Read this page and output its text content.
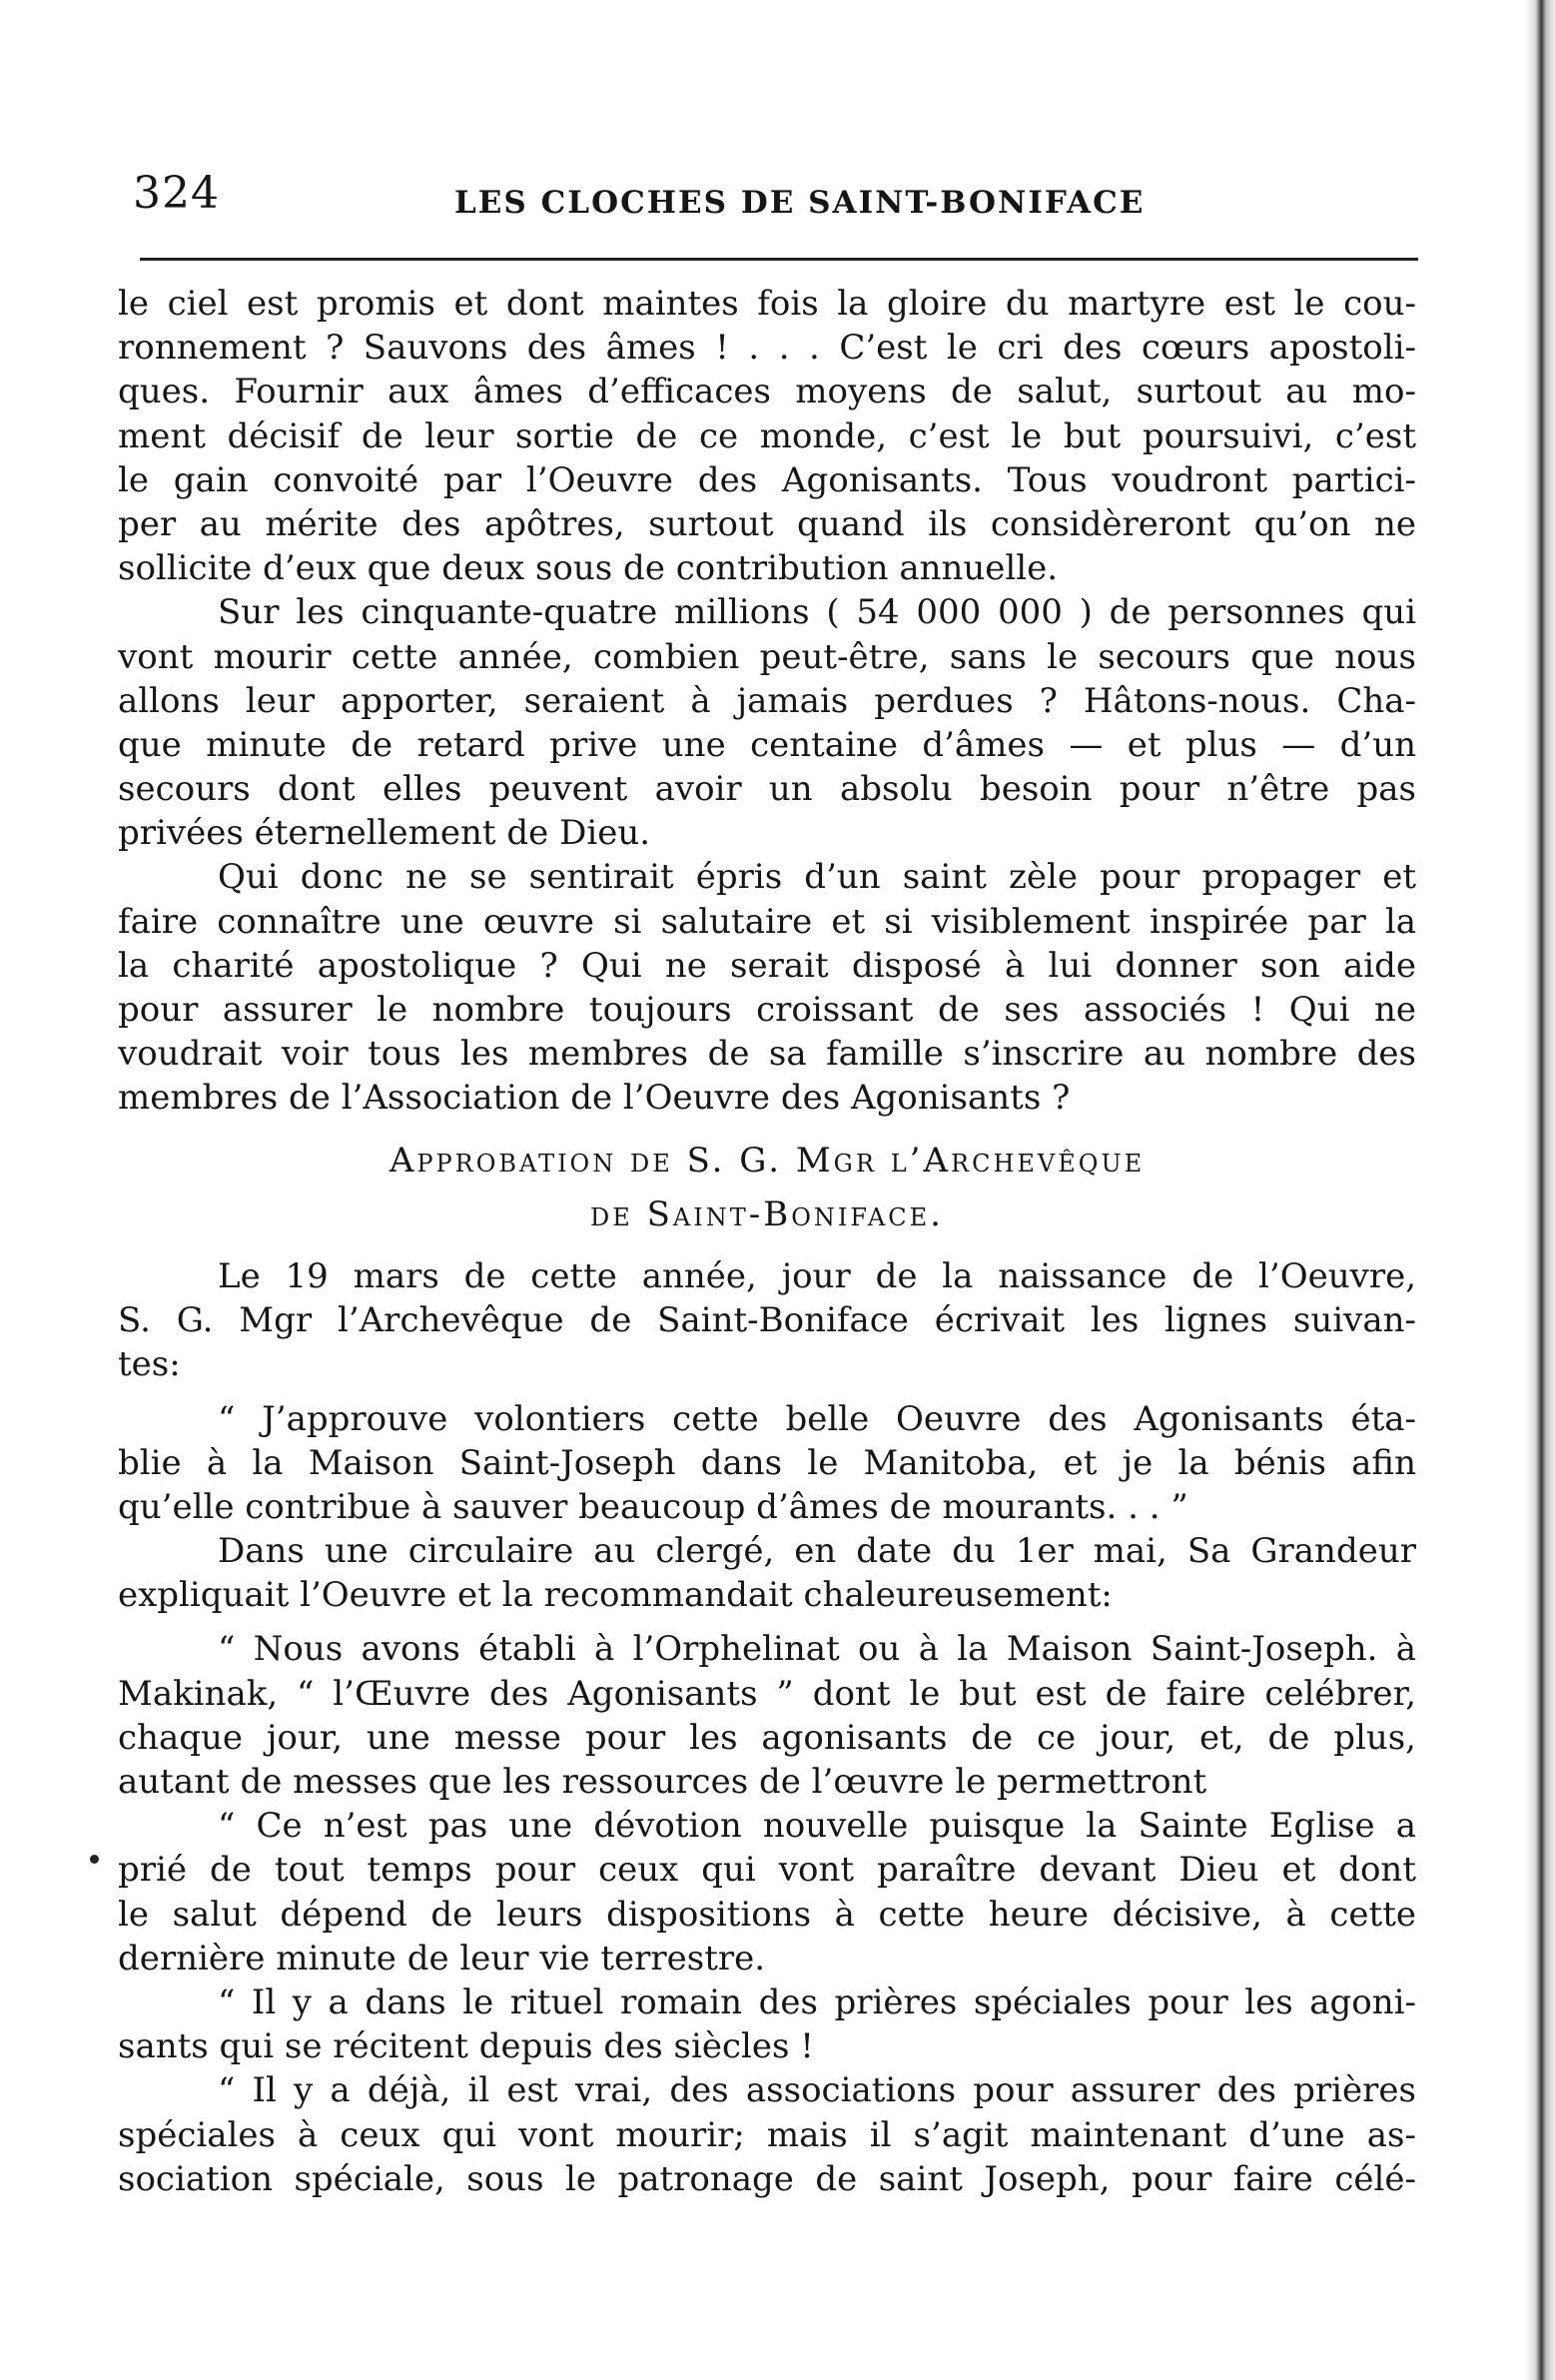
324	LES CLOCHES DE SAINT-BONIFACE
le ciel est promis et dont maintes fois la gloire du martyre est le cou-
ronnement ? Sauvons des âmes ! . . . C’est le cri des cœurs apostoli-
ques. Fournir aux âmes d’efficaces moyens de salut, surtout au mo-
ment décisif de leur sortie de ce monde, c’est le but poursuivi, c’est
le gain convoité par l’Oeuvre des Agonisants. Tous voudront partici-
per au mérite des apôtres, surtout quand ils considèreront qu’on ne
sollicite d’eux que deux sous de contribution annuelle.
Sur les cinquante-quatre millions ( 54 000 000 ) de personnes qui
vont mourir cette année, combien peut-être, sans le secours que nous
allons leur apporter, seraient à jamais perdues ? Hâtons-nous. Cha-
que minute de retard prive une centaine d’âmes — et plus — d’un
secours dont elles peuvent avoir un absolu besoin pour n’être pas
privées éternellement de Dieu.
Qui donc ne se sentirait épris d’un saint zèle pour propager et
faire connaître une œuvre si salutaire et si visiblement inspirée par la
la charité apostolique ? Qui ne serait disposé à lui donner son aide
pour assurer le nombre toujours croissant de ses associés ! Qui ne
voudrait voir tous les membres de sa famille s’inscrire au nombre des
membres de l’Association de l’Oeuvre des Agonisants ?
Approbation de S. G. Mgr l’Archevêque
de Saint-Boniface.
Le 19 mars de cette année, jour de la naissance de l’Oeuvre,
S. G. Mgr l’Archevêque de Saint-Boniface écrivait les lignes suivan-
tes:
“ J’approuve volontiers cette belle Oeuvre des Agonisants éta-
blie à la Maison Saint-Joseph dans le Manitoba, et je la bénis afin
qu’elle contribue à sauver beaucoup d’âmes de mourants. . . ”
Dans une circulaire au clergé, en date du 1er mai, Sa Grandeur
expliquait l’Oeuvre et la recommandait chaleureusement:
“ Nous avons établi à l’Orphelinat ou à la Maison Saint-Joseph. à
Makinak, “ l’Œuvre des Agonisants ” dont le but est de faire celébrer,
chaque jour, une messe pour les agonisants de ce jour, et, de plus,
autant de messes que les ressources de l’œuvre le permettront
“ Ce n’est pas une dévotion nouvelle puisque la Sainte Eglise a
prié de tout temps pour ceux qui vont paraître devant Dieu et dont
le salut dépend de leurs dispositions à cette heure décisive, à cette
dernière minute de leur vie terrestre.
“ Il y a dans le rituel romain des prières spéciales pour les agoni-
sants qui se récitent depuis des siècles !
“ Il y a déjà, il est vrai, des associations pour assurer des prières
spéciales à ceux qui vont mourir; mais il s’agit maintenant d’une as-
sociation spéciale, sous le patronage de saint Joseph, pour faire célé-
